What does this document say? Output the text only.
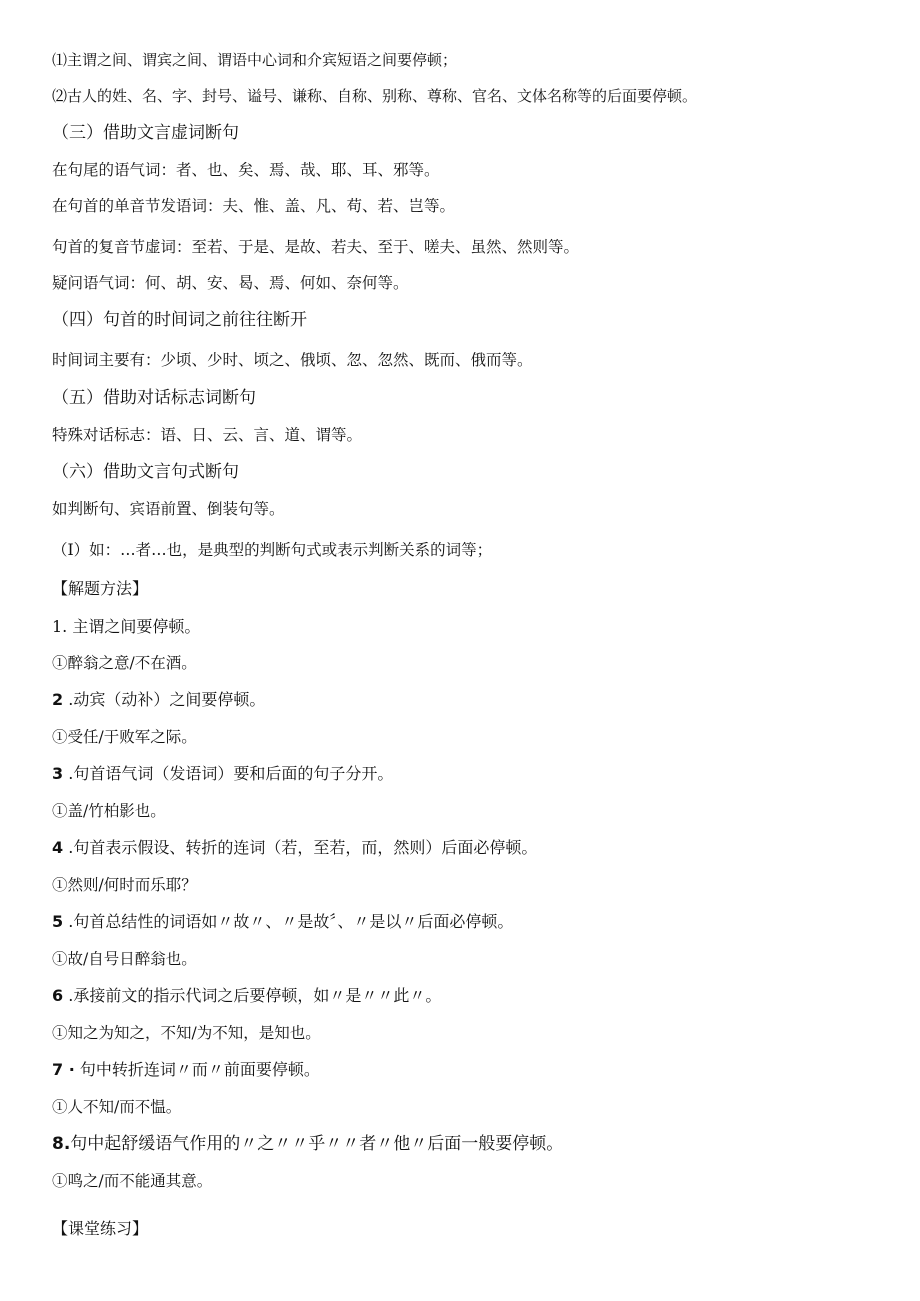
⑴主谓之间、谓宾之间、谓语中心词和介宾短语之间要停顿；
⑵古人的姓、名、字、封号、谥号、谦称、自称、别称、尊称、官名、文体名称等的后面要停顿。
（三）借助文言虚词断句
在句尾的语气词：者、也、矣、焉、哉、耶、耳、邪等。
在句首的单音节发语词：夫、惟、盖、凡、苟、若、岂等。
句首的复音节虚词：至若、于是、是故、若夫、至于、嗟夫、虽然、然则等。
疑问语气词：何、胡、安、曷、焉、何如、奈何等。
（四）句首的时间词之前往往断开
时间词主要有：少顷、少时、顷之、俄顷、忽、忽然、既而、俄而等。
（五）借助对话标志词断句
特殊对话标志：语、日、云、言、道、谓等。
（六）借助文言句式断句
如判断句、宾语前置、倒装句等。
（I）如：…者…也，是典型的判断句式或表示判断关系的词等；
【解题方法】
1. 主谓之间要停顿。
①醉翁之意/不在酒。
2 .动宾（动补）之间要停顿。
①受任/于败军之际。
3 .句首语气词（发语词）要和后面的句子分开。
①盖/竹柏影也。
4 .句首表示假设、转折的连词（若，至若，而，然则）后面必停顿。
①然则/何时而乐耶？
5 .句首总结性的词语如〃故〃、〃是故〞、〃是以〃后面必停顿。
①故/自号日醉翁也。
6 .承接前文的指示代词之后要停顿，如〃是〃〃此〃。
①知之为知之，不知/为不知，是知也。
7 · 句中转折连词〃而〃前面要停顿。
①人不知/而不愠。
8.句中起舒缓语气作用的〃之〃〃乎〃〃者〃他〃后面一般要停顿。
①鸣之/而不能通其意。
【课堂练习】
